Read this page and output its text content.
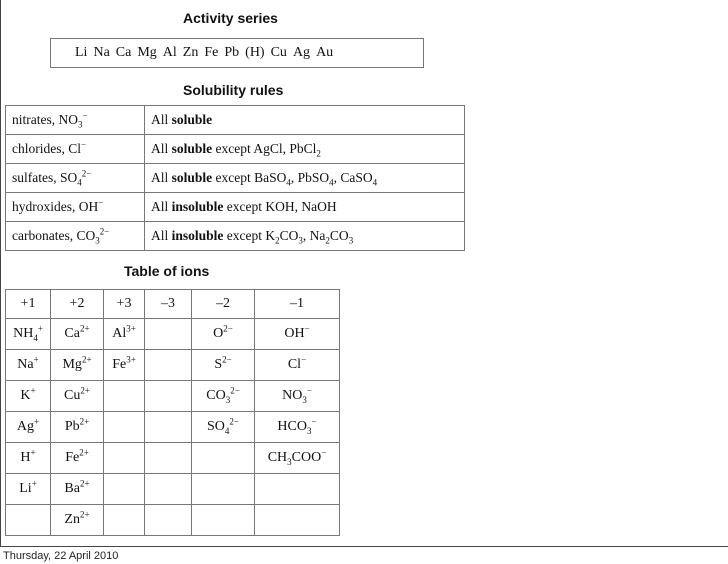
Activity series
Li Na Ca Mg Al Zn Fe Pb (H) Cu Ag Au
Solubility rules
nitrates, $NO_3^-$	All soluble
chlorides, Cl−	All soluble except AgCl, PbCl$_2$
sulfates, $SO_4^{2-}$	All soluble except BaSO$_4$, PbSO$_4$, CaSO$_4$
hydroxides, OH−	All insoluble except KOH, NaOH
carbonates, $CO_3^{2-}$	All insoluble except $K_2CO_3$, $Na_2CO_3$
Table of ions
+1	+2	+3	–3	–2	–1
$NH_4^+$	$Ca^{2+}$	$Al^{3+}$		$O^{2-}$	OH−
Na+	$Mg^{2+}$	$Fe^{3+}$		$S^{2-}$	Cl−
K+	$Cu^{2+}$			$CO_3^{2-}$	$NO_3^-$
Ag+	$Pb^{2+}$			$SO_4^{2-}$	$HCO_3^-$
H+	$Fe^{2+}$				$CH_3COO^-$
Li+	$Ba^{2+}$				
	$Zn^{2+}$				
Thursday, 22 April 2010
